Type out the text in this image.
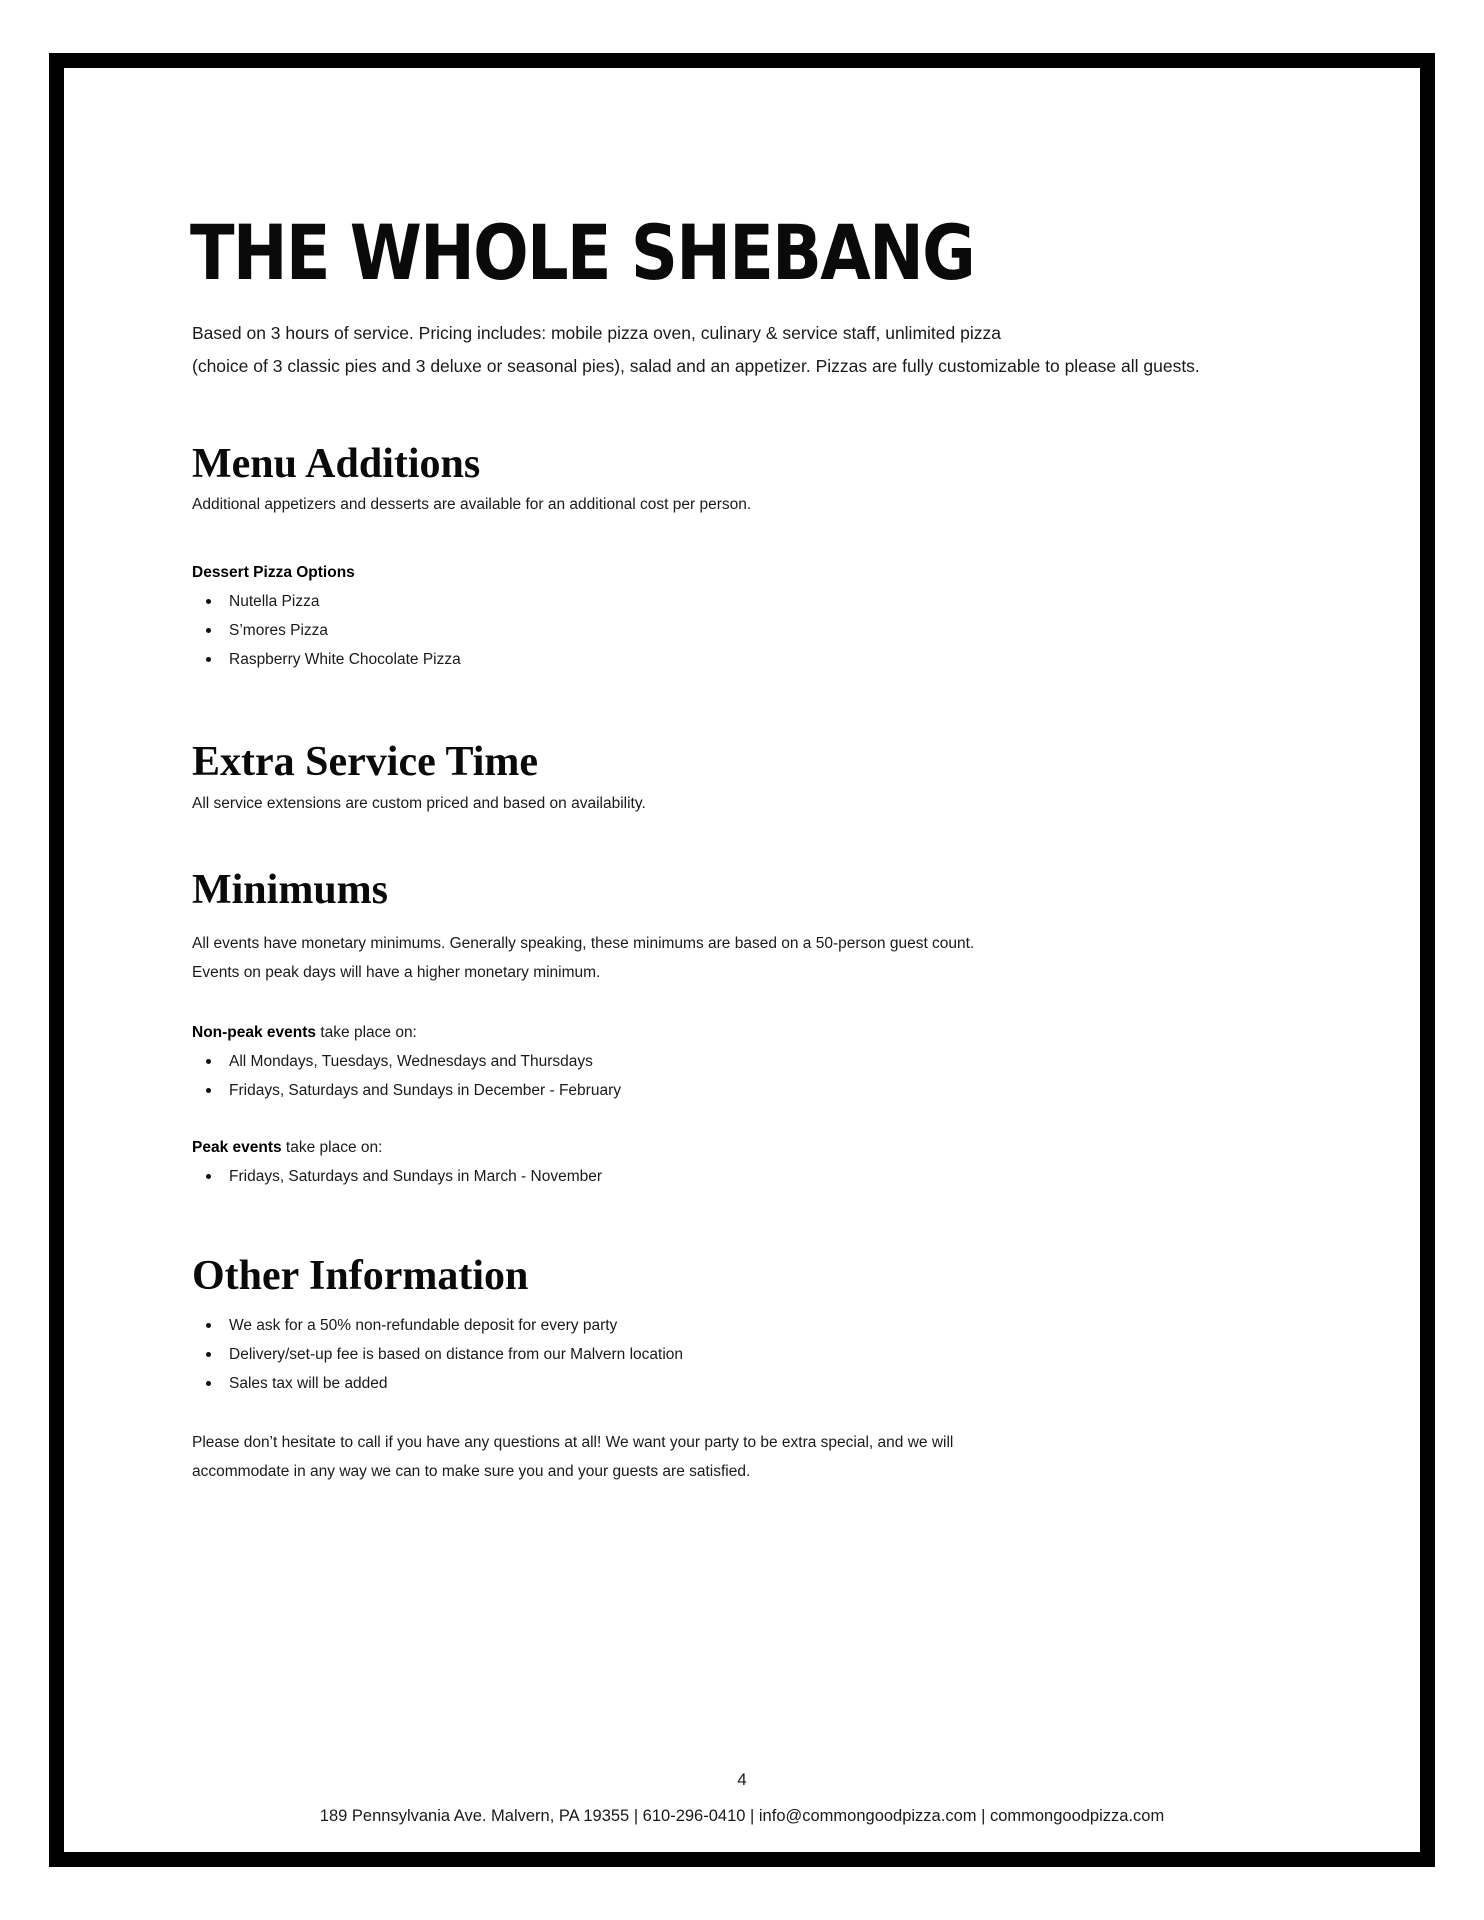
THE WHOLE SHEBANG

Based on 3 hours of service. Pricing includes: mobile pizza oven, culinary & service staff, unlimited pizza
(choice of 3 classic pies and 3 deluxe or seasonal pies), salad and an appetizer. Pizzas are fully customizable to please all guests.

Menu Additions

Additional appetizers and desserts are available for an additional cost per person.

Dessert Pizza Options

Nutella Pizza
S’mores Pizza
Raspberry White Chocolate Pizza
Extra Service Time

All service extensions are custom priced and based on availability.

Minimums

All events have monetary minimums. Generally speaking, these minimums are based on a 50-person guest count.
Events on peak days will have a higher monetary minimum.

Non-peak events take place on:

All Mondays, Tuesdays, Wednesdays and Thursdays
Fridays, Saturdays and Sundays in December - February

Peak events take place on:

Fridays, Saturdays and Sundays in March - November
Other Information
We ask for a 50% non-refundable deposit for every party
Delivery/set-up fee is based on distance from our Malvern location
Sales tax will be added

Please don’t hesitate to call if you have any questions at all! We want your party to be extra special, and we will
accommodate in any way we can to make sure you and your guests are satisfied.

4
189 Pennsylvania Ave. Malvern, PA 19355 | 610-296-0410 | info@commongoodpizza.com | commongoodpizza.com
